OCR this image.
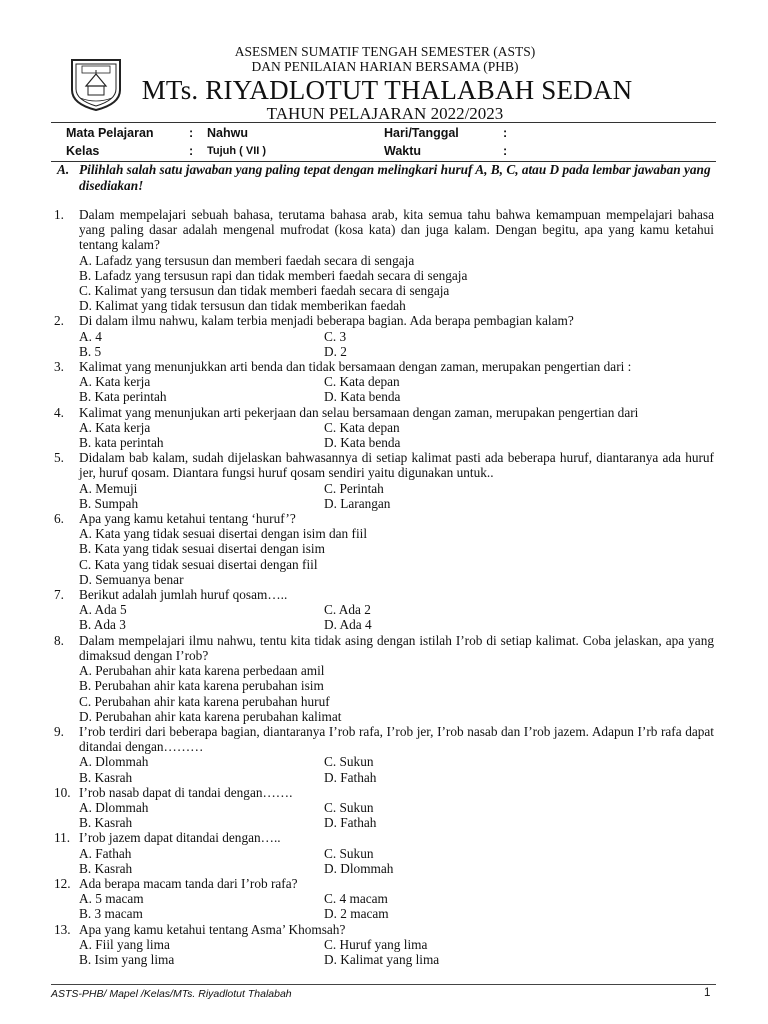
ASESMEN SUMATIF TENGAH SEMESTER (ASTS)
DAN PENILAIAN HARIAN BERSAMA (PHB)
MTs. RIYADLOTUT THALABAH SEDAN
TAHUN PELAJARAN 2022/2023
Mata Pelajaran	: Nahwu	Hari/Tanggal	:
Kelas	: Tujuh ( VII )	Waktu	:
A. Pilihlah salah satu jawaban yang paling tepat dengan melingkari huruf A, B, C, atau D pada lembar jawaban yang disediakan!
1. Dalam mempelajari sebuah bahasa, terutama bahasa arab, kita semua tahu bahwa kemampuan mempelajari bahasa yang paling dasar adalah mengenal mufrodat (kosa kata) dan juga kalam. Dengan begitu, apa yang kamu ketahui tentang kalam?
A. Lafadz yang tersusun dan memberi faedah secara di sengaja
B. Lafadz yang tersusun rapi dan tidak memberi faedah secara di sengaja
C. Kalimat yang tersusun dan tidak memberi faedah secara di sengaja
D. Kalimat yang tidak tersusun dan tidak memberikan faedah
2. Di dalam ilmu nahwu, kalam terbia menjadi beberapa bagian. Ada berapa pembagian kalam?
A. 4	C. 3
B. 5	D. 2
3. Kalimat yang menunjukkan arti benda dan tidak bersamaan dengan zaman, merupakan pengertian dari :
A. Kata kerja	C. Kata depan
B. Kata perintah	D. Kata benda
4. Kalimat yang menunjukan arti pekerjaan dan selau bersamaan dengan zaman, merupakan pengertian dari
A. Kata kerja	C. Kata depan
B. kata perintah	D. Kata benda
5. Didalam bab kalam, sudah dijelaskan bahwasannya di setiap kalimat pasti ada beberapa huruf, diantaranya ada huruf jer, huruf qosam. Diantara fungsi huruf qosam sendiri yaitu digunakan untuk..
A. Memuji	C. Perintah
B. Sumpah	D. Larangan
6. Apa yang kamu ketahui tentang ‘huruf’?
A. Kata yang tidak sesuai disertai dengan isim dan fiil
B. Kata yang tidak sesuai disertai dengan isim
C. Kata yang tidak sesuai disertai dengan fiil
D. Semuanya benar
7. Berikut adalah jumlah huruf qosam…..
A. Ada 5	C. Ada 2
B. Ada 3	D. Ada 4
8. Dalam mempelajari ilmu nahwu, tentu kita tidak asing dengan istilah I’rob di setiap kalimat. Coba jelaskan, apa yang dimaksud dengan I’rob?
A. Perubahan ahir kata karena perbedaan amil
B. Perubahan ahir kata karena perubahan isim
C. Perubahan ahir kata karena perubahan huruf
D. Perubahan ahir kata karena perubahan kalimat
9. I’rob terdiri dari beberapa bagian, diantaranya I’rob rafa, I’rob jer, I’rob nasab dan I’rob jazem. Adapun I’rb rafa dapat ditandai dengan………
A. Dlommah	C. Sukun
B. Kasrah	D. Fathah
10. I’rob nasab dapat di tandai dengan…….
A. Dlommah	C. Sukun
B. Kasrah	D. Fathah
11. I’rob jazem dapat ditandai dengan…..
A. Fathah	C. Sukun
B. Kasrah	D. Dlommah
12. Ada berapa macam tanda dari I’rob rafa?
A. 5 macam	C. 4 macam
B. 3 macam	D. 2 macam
13. Apa yang kamu ketahui tentang Asma’ Khomsah?
A. Fiil yang lima	C. Huruf yang lima
B. Isim yang lima	D. Kalimat yang lima
ASTS-PHB/ Mapel /Kelas/MTs. Riyadlotut Thalabah	1
